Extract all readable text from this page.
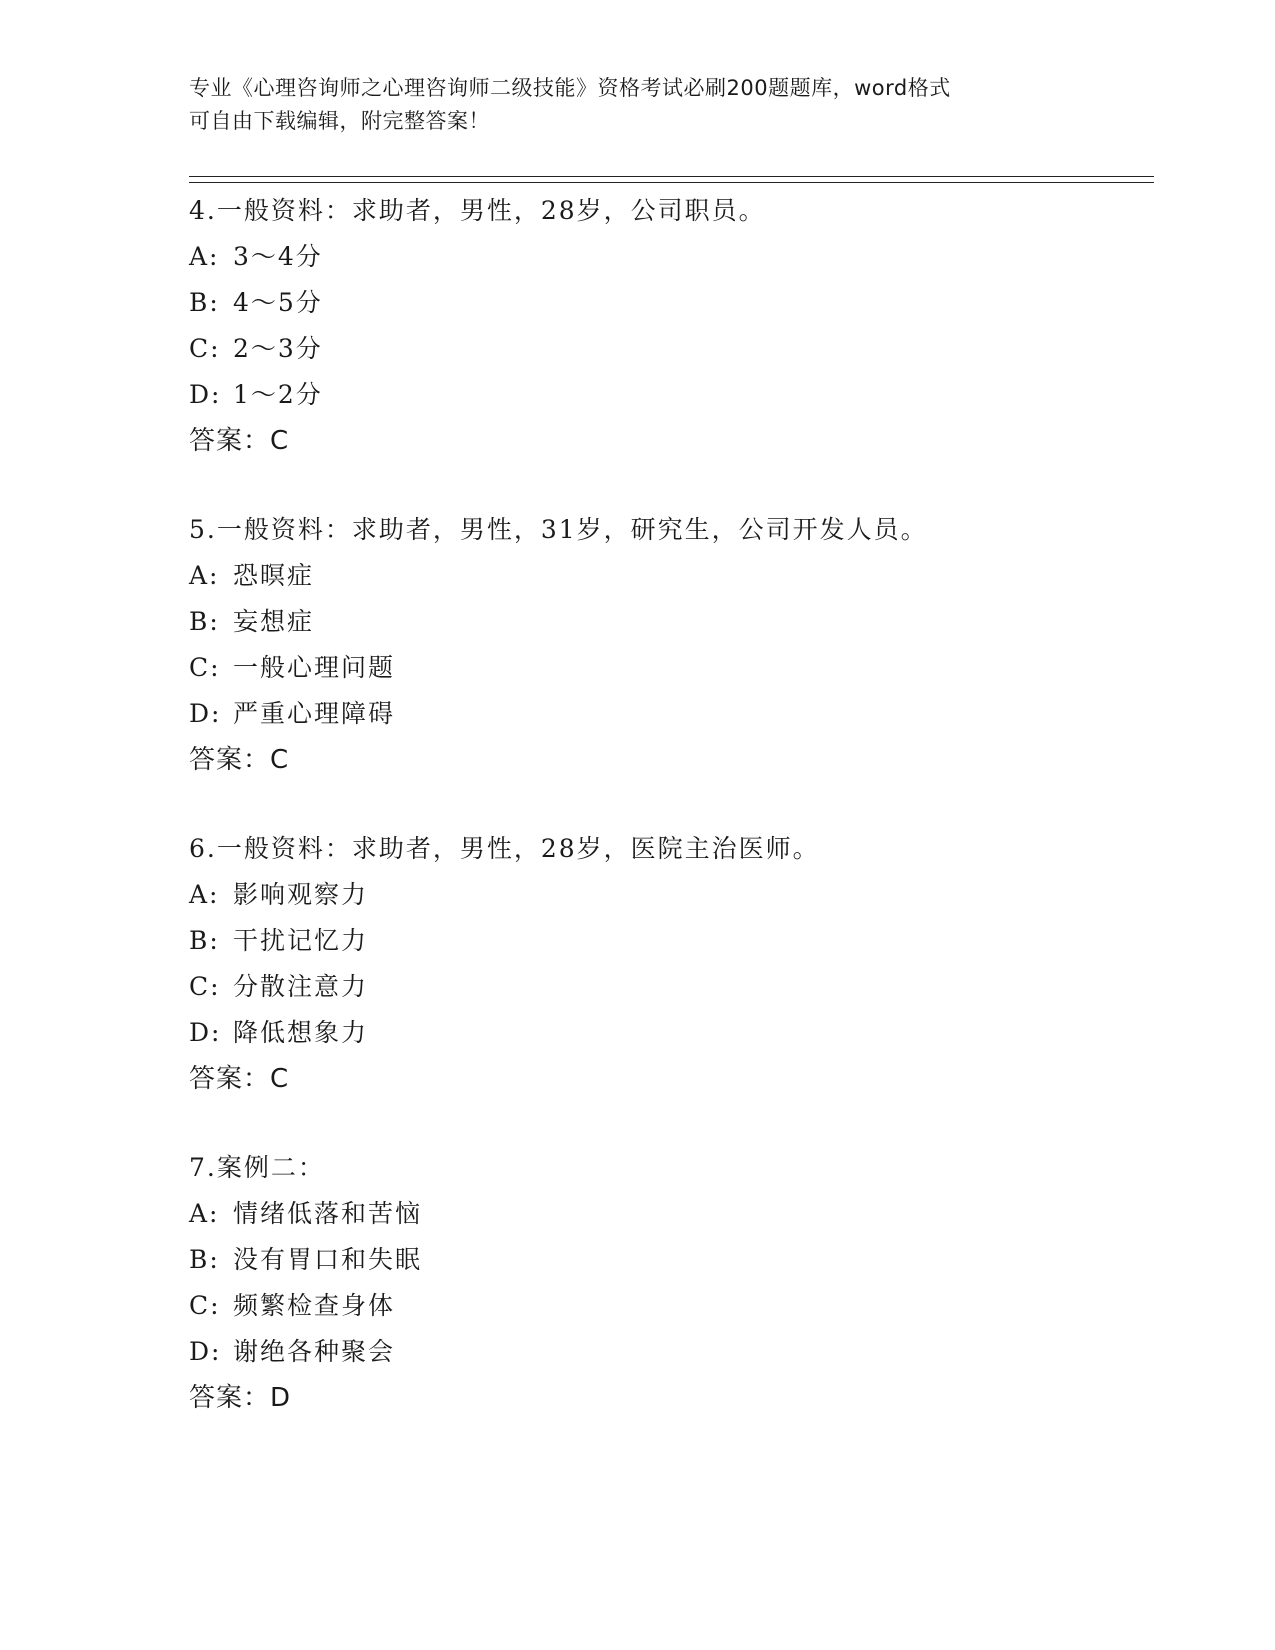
专业《心理咨询师之心理咨询师二级技能》资格考试必刷200题题库，word格式
可自由下载编辑，附完整答案！
4.一般资料：求助者，男性，28岁，公司职员。
A: 3～4分
B: 4～5分
C: 2～3分
D: 1～2分
答案：C
5.一般资料：求助者，男性，31岁，研究生，公司开发人员。
A: 恐暝症
B: 妄想症
C: 一般心理问题
D: 严重心理障碍
答案：C
6.一般资料：求助者，男性，28岁，医院主治医师。
A: 影响观察力
B: 干扰记忆力
C: 分散注意力
D: 降低想象力
答案：C
7.案例二：
A: 情绪低落和苦恼
B: 没有胃口和失眠
C: 频繁检查身体
D: 谢绝各种聚会
答案：D
